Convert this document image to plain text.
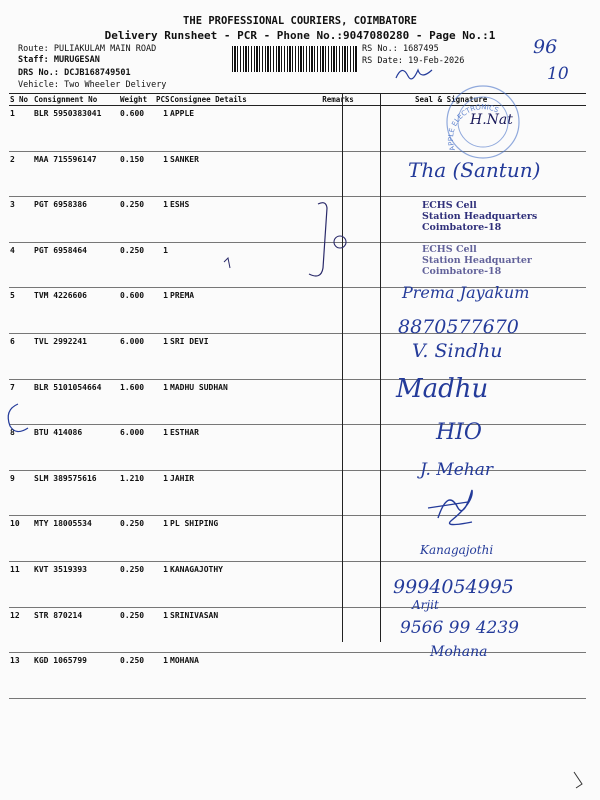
THE PROFESSIONAL COURIERS, COIMBATORE
Delivery Runsheet - PCR - Phone No.:9047080280 - Page No.:1
Route: PULIAKULAM MAIN ROAD
Staff: MURUGESAN
DRS No.: DCJB168749501
Vehicle: Two Wheeler Delivery
RS No.: 1687495
RS Date: 19-Feb-2026
96
10
S No	Consignment No	Weight	PCS	Consignee Details	Remarks	Seal & Signature
1	BLR 5950383041	0.600	1	APPLE		
2	MAA 715596147	0.150	1	SANKER		
3	PGT 6958386	0.250	1	ESHS		
4	PGT 6958464	0.250	1			
5	TVM 4226606	0.600	1	PREMA		
6	TVL 2992241	6.000	1	SRI DEVI		
7	BLR 5101054664	1.600	1	MADHU SUDHAN		
8	BTU 414086	6.000	1	ESTHAR		
9	SLM 389575616	1.210	1	JAHIR		
10	MTY 18005534	0.250	1	PL SHIPING		
11	KVT 3519393	0.250	1	KANAGAJOTHY		
12	STR 870214	0.250	1	SRINIVASAN		
13	KGD 1065799	0.250	1	MOHANA		
H.Nat
Tha (Santun)
ECHS Cell
Station Headquarters
Coimbatore-18
ECHS Cell
Station Headquarter
Coimbatore-18
Prema Jayakum
8870577670
V. Sindhu
Madhu
HIO
J. Mehar
Kanagajothi
9994054995
Arjit
9566 99 4239
Mohana
APPLE ELECTRONICS
